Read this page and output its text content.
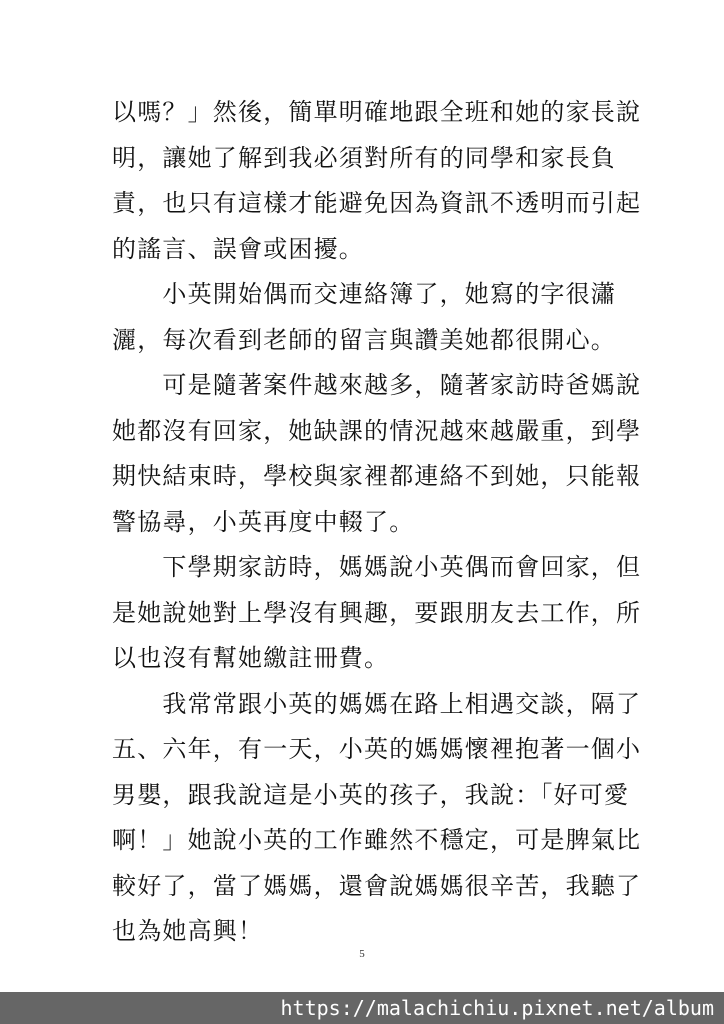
以嗎？」然後，簡單明確地跟全班和她的家長說
明，讓她了解到我必須對所有的同學和家長負
責，也只有這樣才能避免因為資訊不透明而引起
的謠言、誤會或困擾。
　　小英開始偶而交連絡簿了，她寫的字很瀟
灑，每次看到老師的留言與讚美她都很開心。
　　可是隨著案件越來越多，隨著家訪時爸媽說
她都沒有回家，她缺課的情況越來越嚴重，到學
期快結束時，學校與家裡都連絡不到她，只能報
警協尋，小英再度中輟了。
　　下學期家訪時，媽媽說小英偶而會回家，但
是她說她對上學沒有興趣，要跟朋友去工作，所
以也沒有幫她繳註冊費。
　　我常常跟小英的媽媽在路上相遇交談，隔了
五、六年，有一天，小英的媽媽懷裡抱著一個小
男嬰，跟我說這是小英的孩子，我說：「好可愛
啊！」她說小英的工作雖然不穩定，可是脾氣比
較好了，當了媽媽，還會說媽媽很辛苦，我聽了
也為她高興！
5
https://malachichiu.pixnet.net/album
